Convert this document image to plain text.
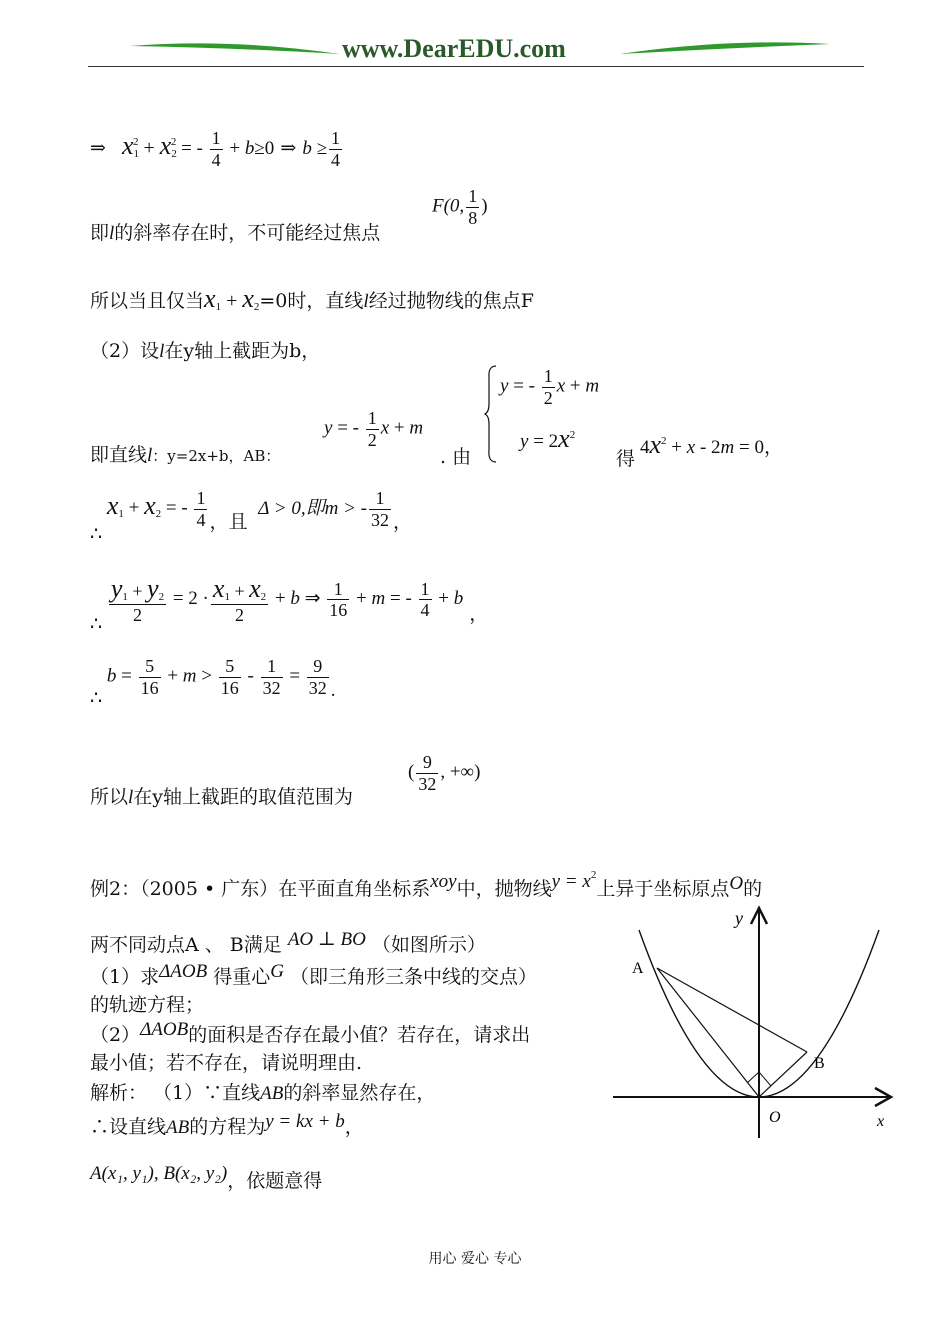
www.DearEDU.com
⇒ $x_1^2 + x_2^2$ = - $\frac{1}{4} + b\ge 0$ ⇒ $b \ge \frac{1}{4}$
即l的斜率存在时，不可能经过焦点
F(0, $\frac{1}{8}$ )
所以当且仅当$x_1 + x_2=0$时，直线l经过抛物线的焦点F
（2）设l在y轴上截距为b，
即直线l：y=2x+b，AB：
y = - $\frac{1}{2}$ x + m
. 由
y = - $\frac{1}{2}$ x + m
$y = 2x^2$
得
$4x^2 + x - 2m = 0$，
∴ $x_1 + x_2$ = - $\frac{1}{4}$ ，且 Δ > 0,即m > - $\frac{1}{32}$ ，
∴ $\frac{y_1 + y_2}{2} = 2 \cdot \frac{x_1 + x_2}{2} + b$ ⇒ $\frac{1}{16} + m$ = - $\frac{1}{4} + b$，
∴ $b = \frac{5}{16} + m > \frac{5}{16} - \frac{1}{32} = \frac{9}{32}$ .
所以l在y轴上截距的取值范围为
( $\frac{9}{32}$ , +∞)
例2：（2005 • 广东）在平面直角坐标系xoy中，抛物线$y = x^2$上异于坐标原点O的
两不同动点A 、 B满足 AO ⊥ BO （如图所示）
（1）求ΔAOB 得重心G （即三角形三条中线的交点）
的轨迹方程；
（2）ΔAOB的面积是否存在最小值？若存在，请求出
最小值；若不存在，请说明理由.
解析： （1）∵直线AB的斜率显然存在，
∴设直线AB的方程为y = kx + b，
A(x₁, y₁), B(x₂, y₂)，依题意得
y
A
B
O	x
用心 爱心 专心
